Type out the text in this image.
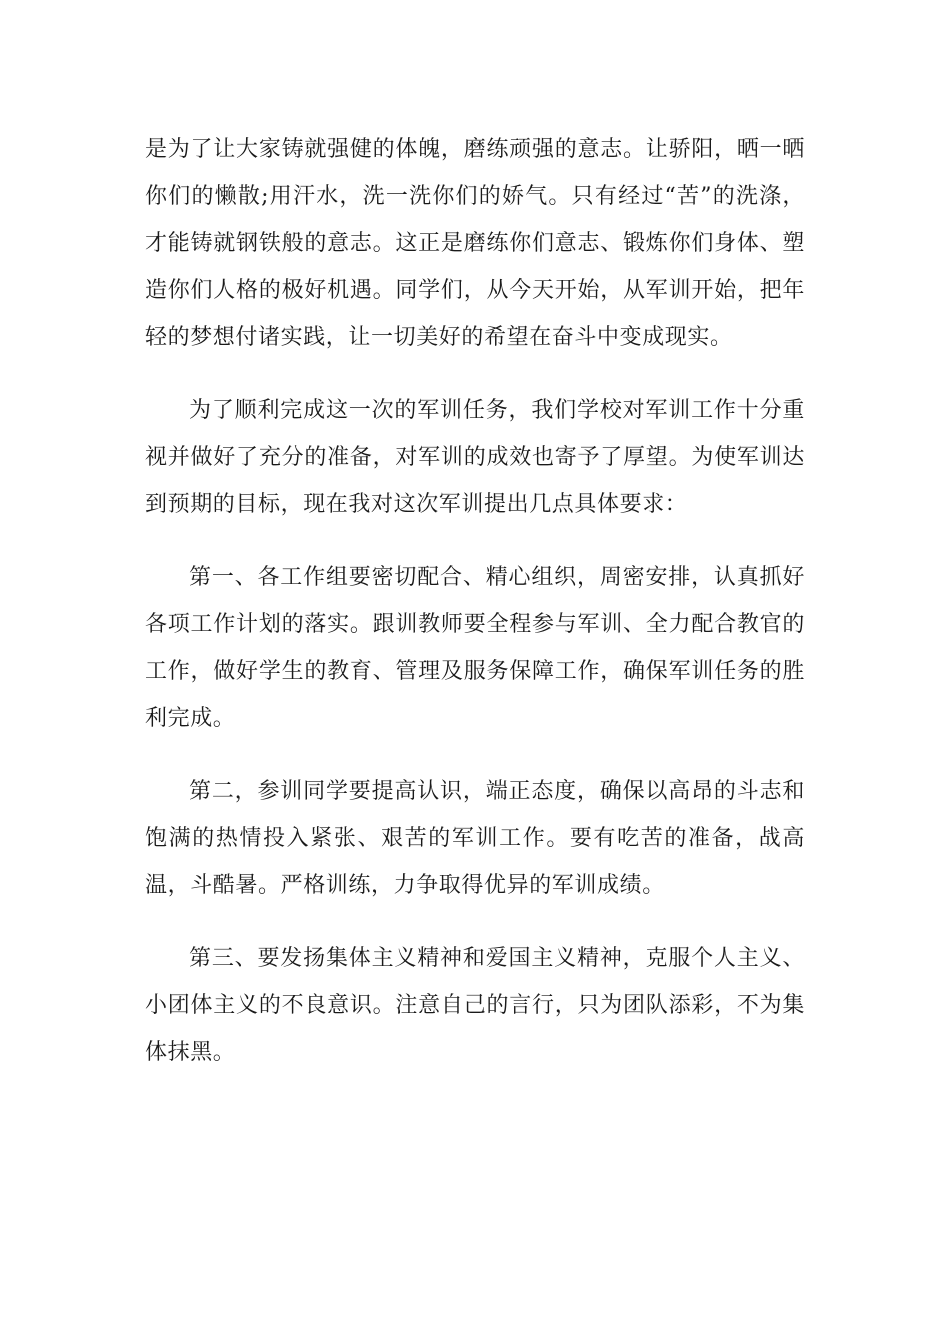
是为了让大家铸就强健的体魄，磨练顽强的意志。让骄阳，晒一晒你们的懒散;用汗水，洗一洗你们的娇气。只有经过“苦”的洗涤，才能铸就钢铁般的意志。这正是磨练你们意志、锻炼你们身体、塑造你们人格的极好机遇。同学们，从今天开始，从军训开始，把年轻的梦想付诸实践，让一切美好的希望在奋斗中变成现实。

为了顺利完成这一次的军训任务，我们学校对军训工作十分重视并做好了充分的准备，对军训的成效也寄予了厚望。为使军训达到预期的目标，现在我对这次军训提出几点具体要求：

第一、各工作组要密切配合、精心组织，周密安排，认真抓好各项工作计划的落实。跟训教师要全程参与军训、全力配合教官的工作，做好学生的教育、管理及服务保障工作，确保军训任务的胜利完成。

第二，参训同学要提高认识，端正态度，确保以高昂的斗志和饱满的热情投入紧张、艰苦的军训工作。要有吃苦的准备，战高温，斗酷暑。严格训练，力争取得优异的军训成绩。

第三、要发扬集体主义精神和爱国主义精神，克服个人主义、小团体主义的不良意识。注意自己的言行，只为团队添彩，不为集体抹黑。
